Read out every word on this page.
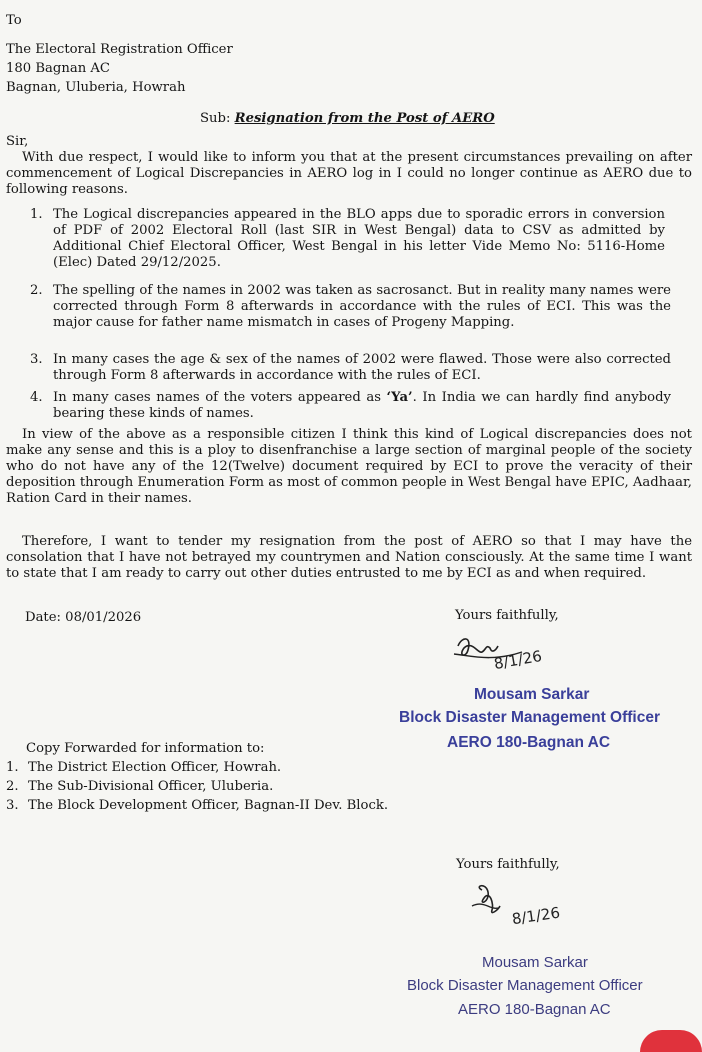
To
The Electoral Registration Officer
180 Bagnan AC
Bagnan, Uluberia, Howrah
Sub: Resignation from the Post of AERO
Sir,
With due respect, I would like to inform you that at the present circumstances prevailing on after commencement of Logical Discrepancies in AERO log in I could no longer continue as AERO due to following reasons.
1. The Logical discrepancies appeared in the BLO apps due to sporadic errors in conversion of PDF of 2002 Electoral Roll (last SIR in West Bengal) data to CSV as admitted by Additional Chief Electoral Officer, West Bengal in his letter Vide Memo No: 5116-Home (Elec) Dated 29/12/2025.
2. The spelling of the names in 2002 was taken as sacrosanct. But in reality many names were corrected through Form 8 afterwards in accordance with the rules of ECI. This was the major cause for father name mismatch in cases of Progeny Mapping.
3. In many cases the age & sex of the names of 2002 were flawed. Those were also corrected through Form 8 afterwards in accordance with the rules of ECI.
4. In many cases names of the voters appeared as ‘Ya’. In India we can hardly find anybody bearing these kinds of names.
In view of the above as a responsible citizen I think this kind of Logical discrepancies does not make any sense and this is a ploy to disenfranchise a large section of marginal people of the society who do not have any of the 12(Twelve) document required by ECI to prove the veracity of their deposition through Enumeration Form as most of common people in West Bengal have EPIC, Aadhaar, Ration Card in their names.
Therefore, I want to tender my resignation from the post of AERO so that I may have the consolation that I have not betrayed my countrymen and Nation consciously. At the same time I want to state that I am ready to carry out other duties entrusted to me by ECI as and when required.
Date: 08/01/2026	Yours faithfully,
8/1/26
Mousam Sarkar
Block Disaster Management Officer
AERO 180-Bagnan AC
Copy Forwarded for information to:
1. The District Election Officer, Howrah.
2. The Sub-Divisional Officer, Uluberia.
3. The Block Development Officer, Bagnan-II Dev. Block.
Yours faithfully,
8/1/26
Mousam Sarkar
Block Disaster Management Officer
AERO 180-Bagnan AC
